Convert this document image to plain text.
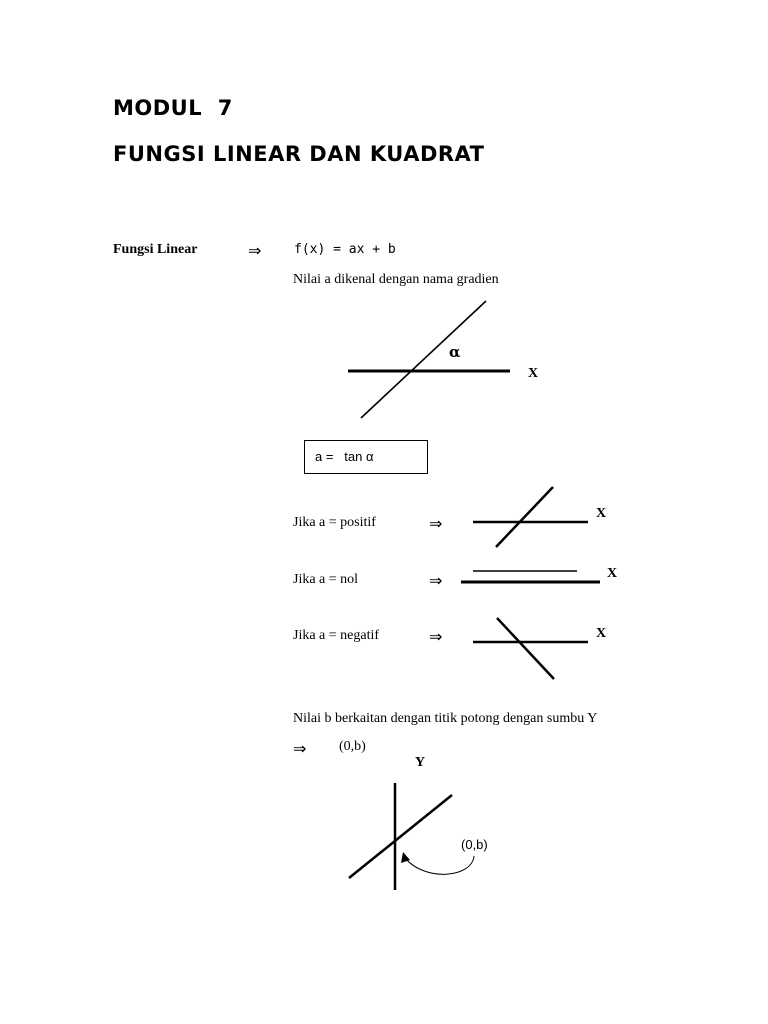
MODUL  7
FUNGSI LINEAR DAN KUADRAT
Fungsi Linear	⇒	f(x) = ax + b
Nilai a dikenal dengan nama gradien
α
X
a =   tan α
Jika a = positif	⇒
X
Jika a = nol	⇒	X
Jika a = negatif	⇒	X
Nilai b berkaitan dengan titik potong dengan sumbu Y
⇒ (0,b)
Y
(0,b)
